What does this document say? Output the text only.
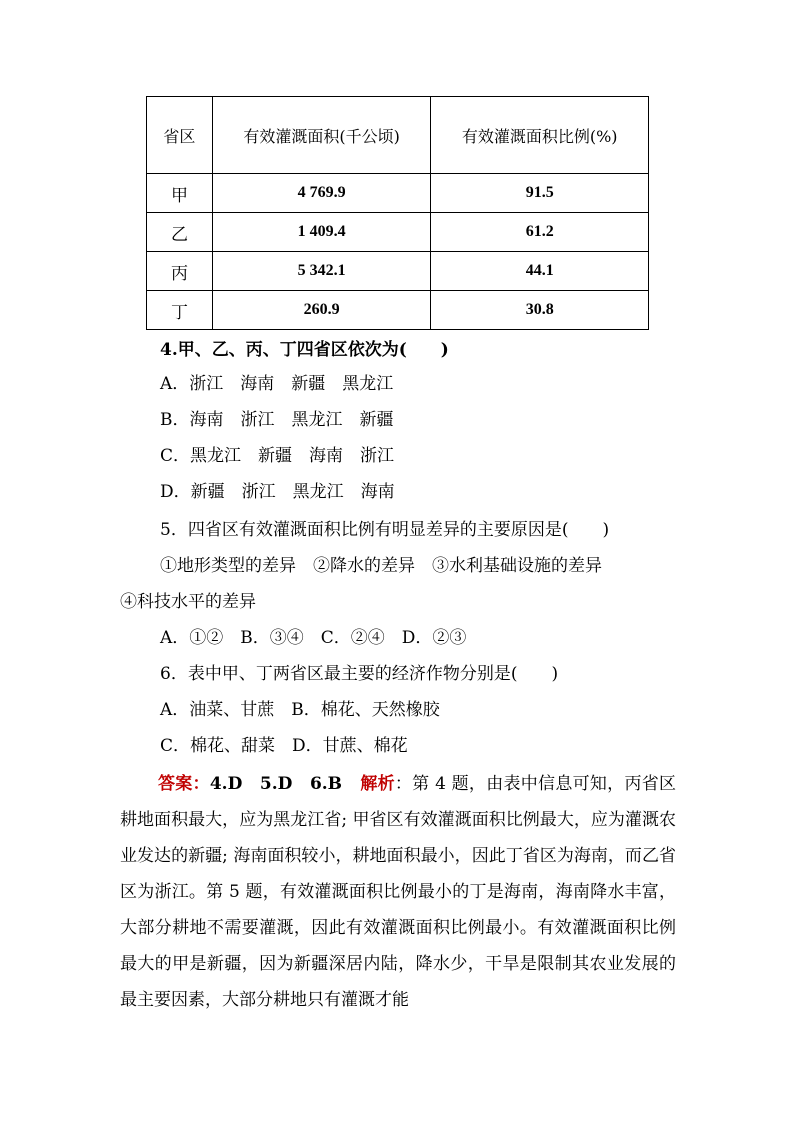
省区	有效灌溉面积(千公顷)	有效灌溉面积比例(%)
甲	4 769.9	91.5
乙	1 409.4	61.2
丙	5 342.1	44.1
丁	260.9	30.8
4.甲、乙、丙、丁四省区依次为(　　)
A．浙江　海南　新疆　黑龙江
B．海南　浙江　黑龙江　新疆
C．黑龙江　新疆　海南　浙江
D．新疆　浙江　黑龙江　海南
5．四省区有效灌溉面积比例有明显差异的主要原因是(　　)
①地形类型的差异　②降水的差异　③水利基础设施的差异
④科技水平的差异
A．①②　B．③④　C．②④　D．②③
6．表中甲、丁两省区最主要的经济作物分别是(　　)
A．油菜、甘蔗　B．棉花、天然橡胶
C．棉花、甜菜　D．甘蔗、棉花
答案：4.D　5.D　6.B 解析：第 4 题，由表中信息可知，丙省区耕地面积最大，应为黑龙江省; 甲省区有效灌溉面积比例最大，应为灌溉农业发达的新疆; 海南面积较小，耕地面积最小，因此丁省区为海南，而乙省区为浙江。第 5 题，有效灌溉面积比例最小的丁是海南，海南降水丰富，大部分耕地不需要灌溉，因此有效灌溉面积比例最小。有效灌溉面积比例最大的甲是新疆，因为新疆深居内陆，降水少，干旱是限制其农业发展的最主要因素，大部分耕地只有灌溉才能
